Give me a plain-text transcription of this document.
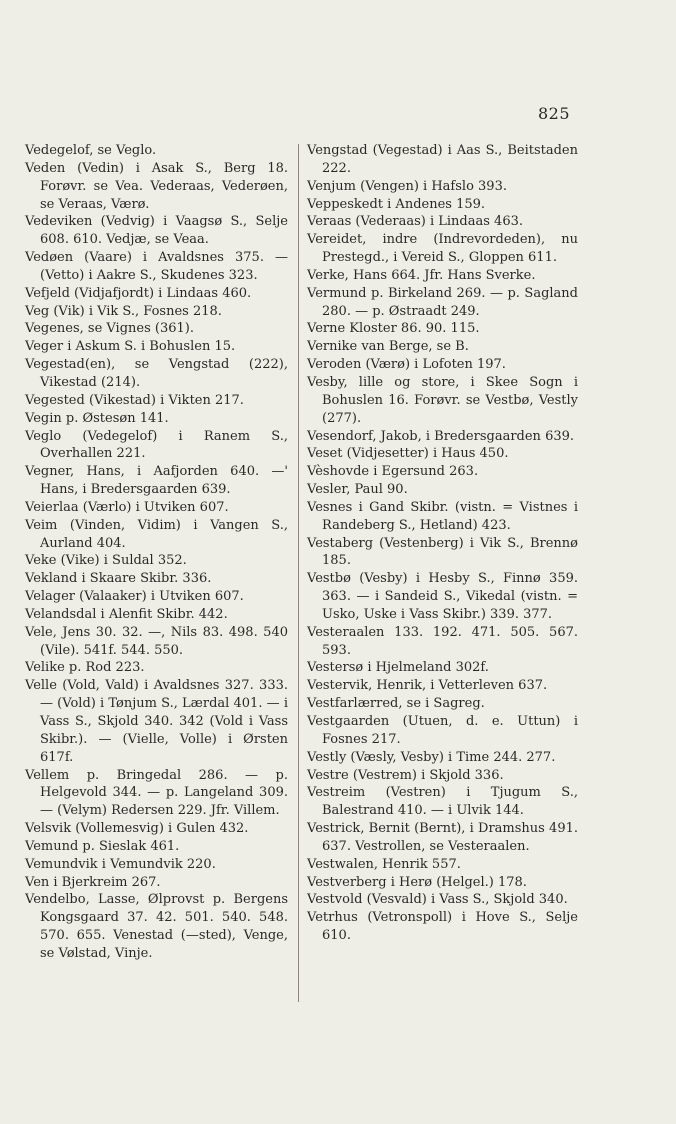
825

Vedegelof, se Veglo.

Veden (Vedin) i Asak S., Berg 18. Forøvr. se Vea. Vederaas, Vederøen, se Veraas, Værø.

Vedeviken (Vedvig) i Vaagsø S., Selje 608. 610. Vedjæ, se Veaa.

Vedøen (Vaare) i Avaldsnes 375. — (Vetto) i Aakre S., Skudenes 323.

Vefjeld (Vidjafjordt) i Lindaas 460.

Veg (Vik) i Vik S., Fosnes 218.

Vegenes, se Vignes (361).

Veger i Askum S. i Bohuslen 15.

Vegestad(en), se Vengstad (222), Vikestad (214).

Vegested (Vikestad) i Vikten 217.

Vegin p. Østesøn 141.

Veglo (Vedegelof) i Ranem S., Overhallen 221.

Vegner, Hans, i Aafjorden 640. —' Hans, i Bredersgaarden 639.

Veierlaa (Værlo) i Utviken 607.

Veim (Vinden, Vidim) i Vangen S., Aurland 404.

Veke (Vike) i Suldal 352.

Vekland i Skaare Skibr. 336.

Velager (Valaaker) i Utviken 607.

Velandsdal i Alenfit Skibr. 442.

Vele, Jens 30. 32. —, Nils 83. 498. 540 (Vile). 541f. 544. 550.

Velike p. Rod 223.

Velle (Vold, Vald) i Avaldsnes 327. 333. — (Vold) i Tønjum S., Lærdal 401. — i Vass S., Skjold 340. 342 (Vold i Vass Skibr.). — (Vielle, Volle) i Ørsten 617f.

Vellem p. Bringedal 286. — p. Helgevold 344. — p. Langeland 309. — (Velym) Redersen 229. Jfr. Villem.

Velsvik (Vollemesvig) i Gulen 432.

Vemund p. Sieslak 461.

Vemundvik i Vemundvik 220.

Ven i Bjerkreim 267.

Vendelbo, Lasse, Ølprovst p. Bergens Kongsgaard 37. 42. 501. 540. 548. 570. 655. Venestad (—sted), Venge, se Vølstad, Vinje.

Vengstad (Vegestad) i Aas S., Beitstaden 222.

Venjum (Vengen) i Hafslo 393.

Veppeskedt i Andenes 159.

Veraas (Vederaas) i Lindaas 463.

Vereidet, indre (Indrevordeden), nu Prestegd., i Vereid S., Gloppen 611.

Verke, Hans 664. Jfr. Hans Sverke.

Vermund p. Birkeland 269. — p. Sagland 280. — p. Østraadt 249.

Verne Kloster 86. 90. 115.

Vernike van Berge, se B.

Veroden (Værø) i Lofoten 197.

Vesby, lille og store, i Skee Sogn i Bohuslen 16. Forøvr. se Vestbø, Vestly (277).

Vesendorf, Jakob, i Bredersgaarden 639.

Veset (Vidjesetter) i Haus 450.

Vèshovde i Egersund 263.

Vesler, Paul 90.

Vesnes i Gand Skibr. (vistn. = Vistnes i Randeberg S., Hetland) 423.

Vestaberg (Vestenberg) i Vik S., Brennø 185.

Vestbø (Vesby) i Hesby S., Finnø 359. 363. — i Sandeid S., Vikedal (vistn. = Usko, Uske i Vass Skibr.) 339. 377.

Vesteraalen 133. 192. 471. 505. 567. 593.

Vestersø i Hjelmeland 302f.

Vestervik, Henrik, i Vetterleven 637.

Vestfarlærred, se i Sagreg.

Vestgaarden (Utuen, d. e. Uttun) i Fosnes 217.

Vestly (Væsly, Vesby) i Time 244. 277.

Vestre (Vestrem) i Skjold 336.

Vestreim (Vestren) i Tjugum S., Balestrand 410. — i Ulvik 144.

Vestrick, Bernit (Bernt), i Dramshus 491. 637. Vestrollen, se Vesteraalen.

Vestwalen, Henrik 557.

Vestverberg i Herø (Helgel.) 178.

Vestvold (Vesvald) i Vass S., Skjold 340.

Vetrhus (Vetronspoll) i Hove S., Selje 610.
